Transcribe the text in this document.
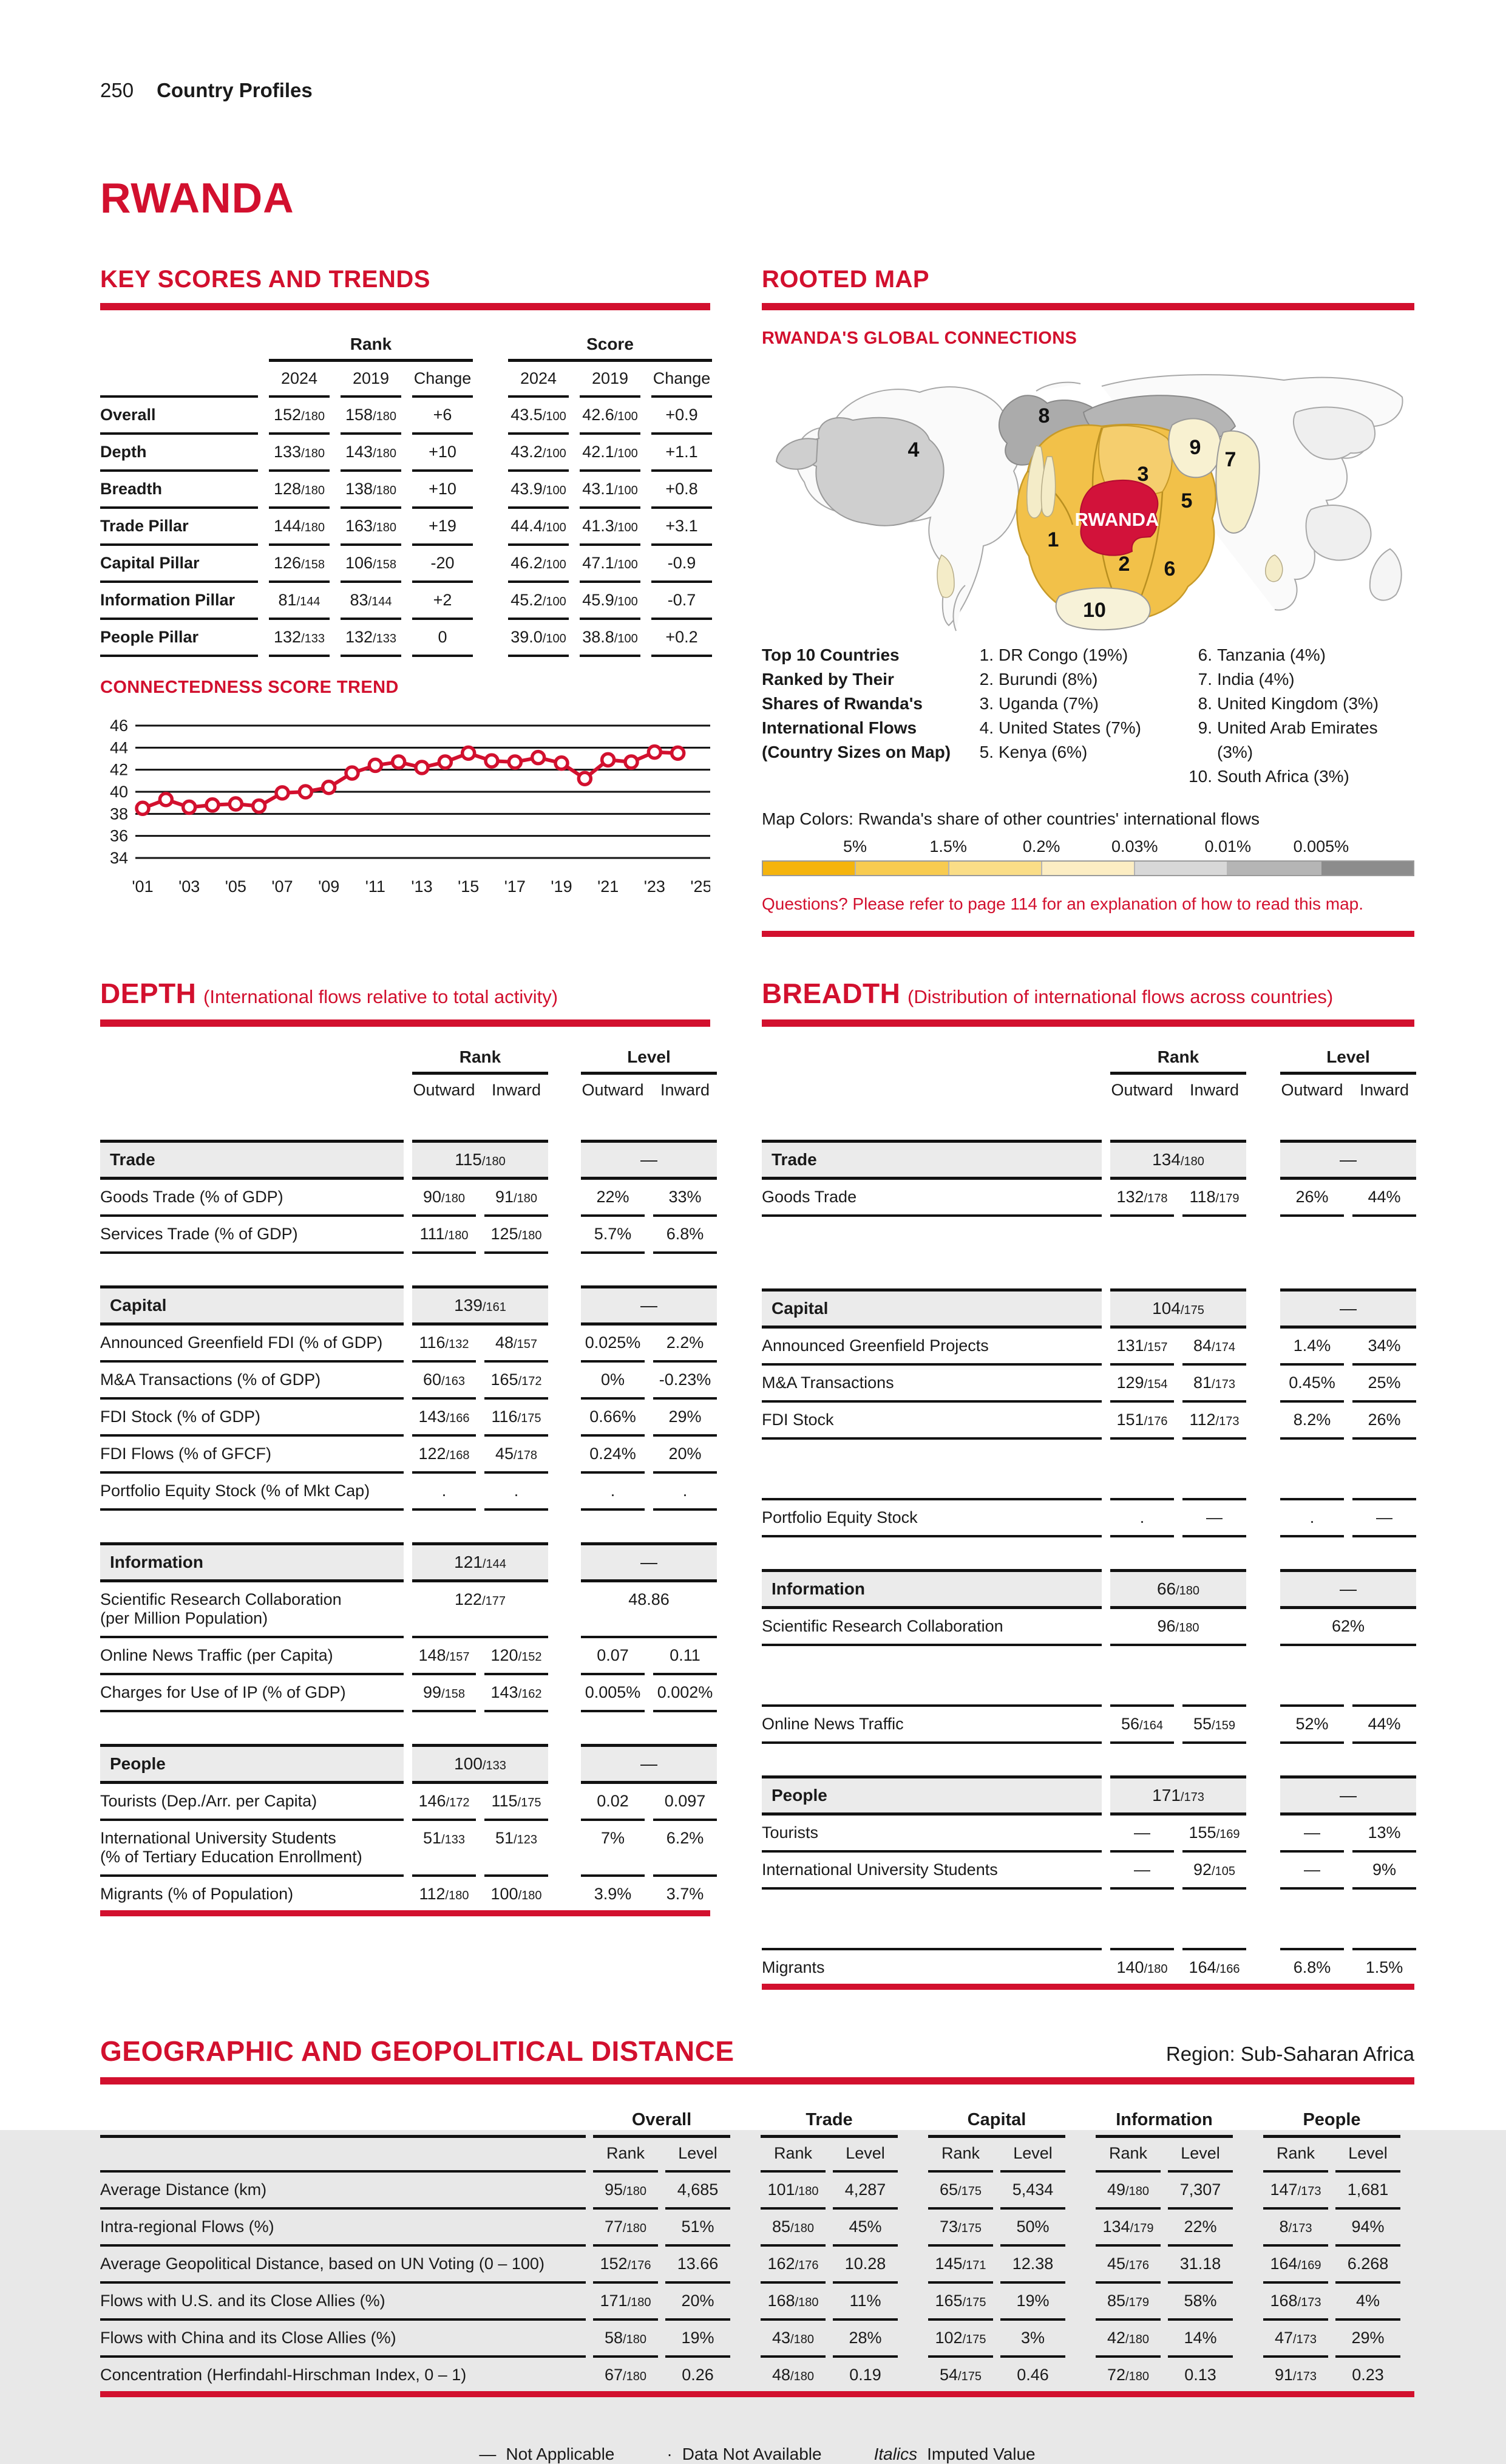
250 Country Profiles
RWANDA
KEY SCORES AND TRENDS
Rank	Score
2024	2019	Change	2024	2019	Change
Overall	152/180 158/180	+6	43.5/100 42.6/100	+0.9
Depth	133/180 143/180	+10	43.2/100 42.1/100	+1.1
Breadth	128/180 138/180	+10	43.9/100 43.1/100	+0.8
Trade Pillar	144/180 163/180	+19	44.4/100 41.3/100	+3.1
Capital Pillar	126/158 106/158	-20	46.2/100 47.1/100	-0.9
Information Pillar	81/144	83/144	+2	45.2/100 45.9/100	-0.7
People Pillar	132/133 132/133	0	39.0/100 38.8/100	+0.2
CONNECTEDNESS SCORE TREND
34
36
38
40
42
44
46
'01 '03 '05 '07 '09 '11 '13 '15 '17 '19 '21 '23 '25
ROOTED MAP
RWANDA'S GLOBAL CONNECTIONS
1
2
3
4
5
6
7
8
9
10
RWANDA
Top 10 Countries
Ranked by Their
Shares of Rwanda's
International Flows
(Country Sizes on Map)
1. DR Congo (19%)
2. Burundi (8%)
3. Uganda (7%)
4. United States (7%)
5. Kenya (6%)
6. Tanzania (4%)
7. India (4%)
8. United Kingdom (3%)
9. United Arab Emirates (3%)
10. South Africa (3%)

Map Colors: Rwanda's share of other countries' international flows

5%	1.5%	0.2%	0.03%	0.01%	0.005%

Questions? Please refer to page 114 for an explanation of how to read this map.

DEPTH (International flows relative to total activity)
Rank	Level
Outward	Inward	Outward	Inward
Trade	115/180	—
Goods Trade (% of GDP)	90/180	91/180	22%	33%
Services Trade (% of GDP)	111/180	125/180	5.7%	6.8%
Capital	139/161	—
Announced Greenfield FDI (% of GDP)	116/132	48/157	0.025%	2.2%
M&A Transactions (% of GDP)	60/163	165/172	0%	-0.23%
FDI Stock (% of GDP)	143/166	116/175	0.66%	29%
FDI Flows (% of GFCF)	122/168	45/178	0.24%	20%
Portfolio Equity Stock (% of Mkt Cap)	.	.	.	.
Information	121/144	—
Scientific Research Collaboration
(per Million Population)
122/177	48.86
Online News Traffic (per Capita)	148/157	120/152	0.07	0.11
Charges for Use of IP (% of GDP)	99/158	143/162	0.005% 0.002%
People	100/133	—
Tourists (Dep./Arr. per Capita)	146/172	115/175	0.02	0.097
International University Students
(% of Tertiary Education Enrollment)
51/133	51/123	7%	6.2%
Migrants (% of Population)	112/180	100/180	3.9%	3.7%
BREADTH (Distribution of international flows across countries)
Rank	Level
Outward	Inward	Outward	Inward
Trade	134/180	—
Goods Trade	132/178	118/179	26%	44%
Capital	104/175	—
Announced Greenfield Projects	131/157	84/174	1.4%	34%
M&A Transactions	129/154	81/173	0.45%	25%
FDI Stock	151/176	112/173	8.2%	26%
Portfolio Equity Stock	.	—	.	—
Information	66/180	—
Scientific Research Collaboration	96/180	62%
Online News Traffic	56/164	55/159	52%	44%
People	171/173	—
Tourists	—	155/169	—	13%
International University Students	—	92/105	—	9%
Migrants	140/180	164/166	6.8%	1.5%
GEOGRAPHIC AND GEOPOLITICAL DISTANCE	Region: Sub-Saharan Africa
Overall	Trade	Capital	Information	People
Rank	Level	Rank	Level	Rank	Level	Rank	Level	Rank	Level
Average Distance (km)	95/180	4,685	101/180	4,287	65/175	5,434	49/180	7,307	147/173	1,681
Intra-regional Flows (%)	77/180	51%	85/180	45%	73/175	50%	134/179	22%	8/173	94%
Average Geopolitical Distance, based on UN Voting (0 – 100)	152/176	13.66	162/176	10.28	145/171	12.38	45/176	31.18	164/169	6.268
Flows with U.S. and its Close Allies (%)	171/180	20%	168/180	11%	165/175	19%	85/179	58%	168/173	4%
Flows with China and its Close Allies (%)	58/180	19%	43/180	28%	102/175	3%	42/180	14%	47/173	29%
Concentration (Herfindahl-Hirschman Index, 0 – 1)	67/180	0.26	48/180	0.19	54/175	0.46	72/180	0.13	91/173	0.23
— Not Applicable	· Data Not Available	Italics Imputed Value
